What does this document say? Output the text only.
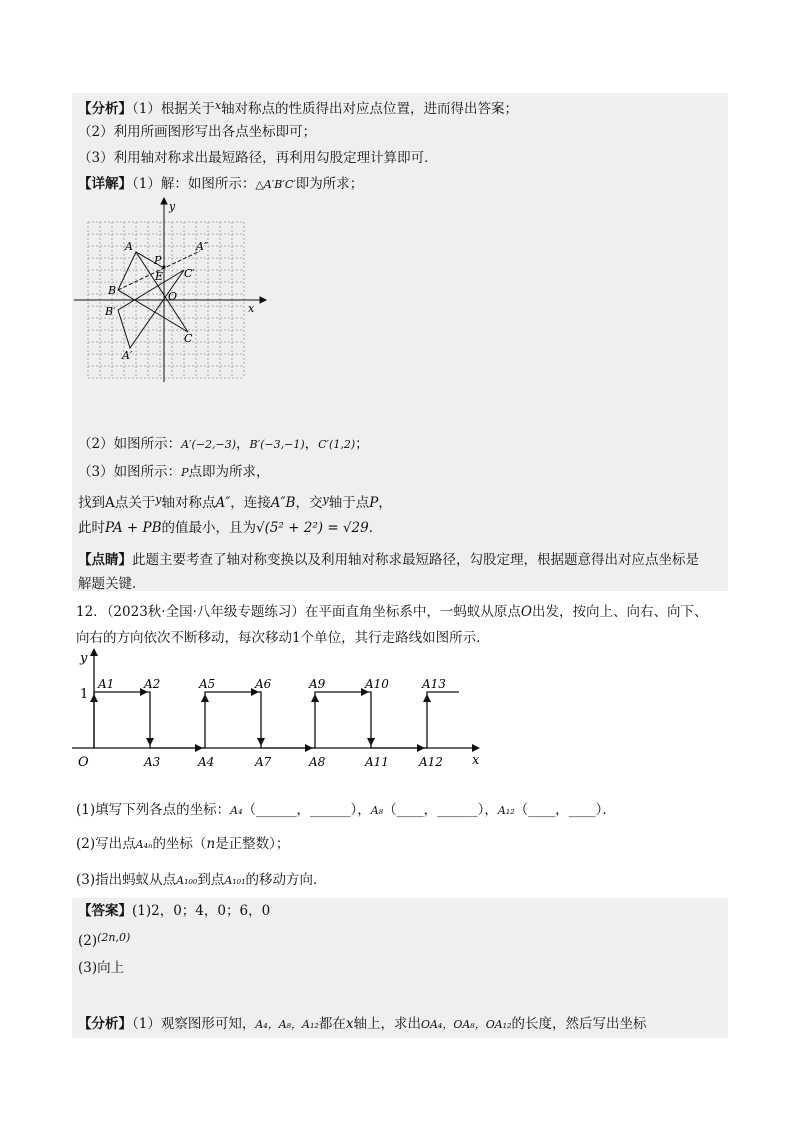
【分析】（1）根据关于$^x$轴对称点的性质得出对应点位置，进而得出答案；
（2）利用所画图形写出各点坐标即可；
（3）利用轴对称求出最短路径，再利用勾股定理计算即可．
【详解】（1）解：如图所示：△A′B′C′即为所求；
y
x
O
A	A″
P
E C′
B
B′
C
A′
（2）如图所示：A′(−2,−3)，B′(−3,−1)，C′(1,2)；
（3）如图所示：P点即为所求，
找到A点关于$^y$轴对称点A″，连接A″B，交$^y$轴于点P，
此时PA + PB的值最小，且为√(5² + 2²) = √29．
【点睛】此题主要考查了轴对称变换以及利用轴对称求最短路径，勾股定理，根据题意得出对应点坐标是
解题关键．
12．（2023秋·全国·八年级专题练习）在平面直角坐标系中，一蚂蚁从原点O出发，按向上、向右、向下、
向右的方向依次不断移动，每次移动1个单位，其行走路线如图所示．
y
x
O
1
A1 A2
A3	A4
A5	A6
A7	A8
A9	A10
A11	A12
A13
(1)填写下列各点的坐标：A₄（______，______），A₈（____，______），A₁₂（____，____）．
(2)写出点A₄ₙ的坐标（n是正整数）；
(3)指出蚂蚁从点A₁₀₀到点A₁₀₁的移动方向．
【答案】(1)2，0；4，0；6，0
$(2)^{(2n,0)}$
(3)向上
【分析】（1）观察图形可知，A₄，A₈，A₁₂都在x轴上，求出OA₄，OA₈，OA₁₂的长度，然后写出坐标
